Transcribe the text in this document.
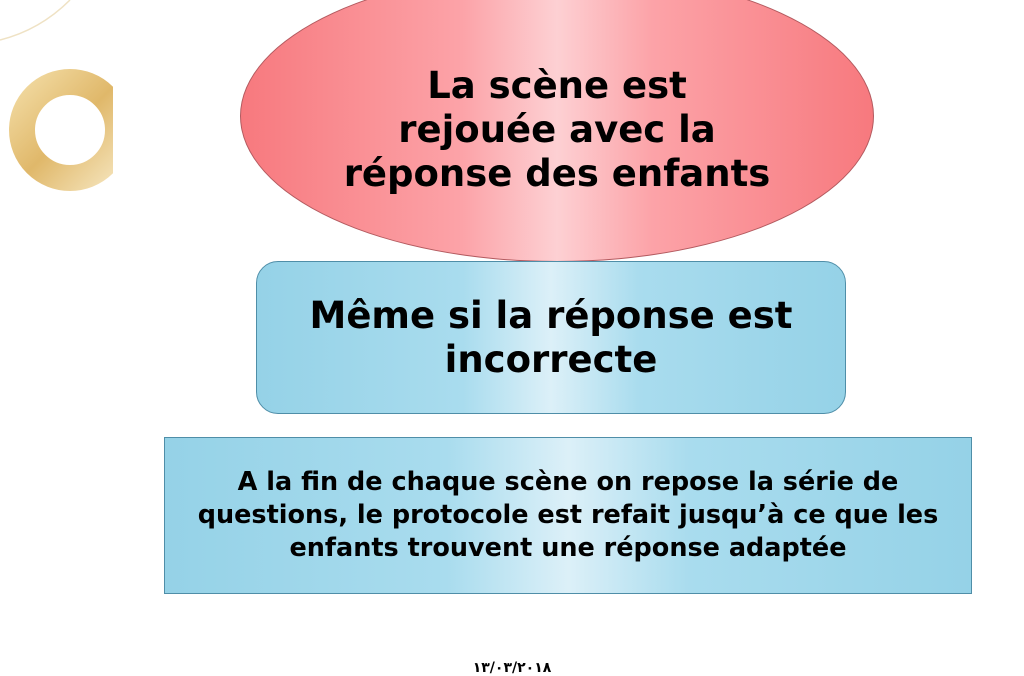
La scène est rejouée avec la réponse des enfants
Même si la réponse est incorrecte
A la fin de chaque scène on repose la série de questions, le protocole est refait jusqu’à ce que les enfants trouvent une réponse adaptée
١٣/٠٣/٢٠١٨
